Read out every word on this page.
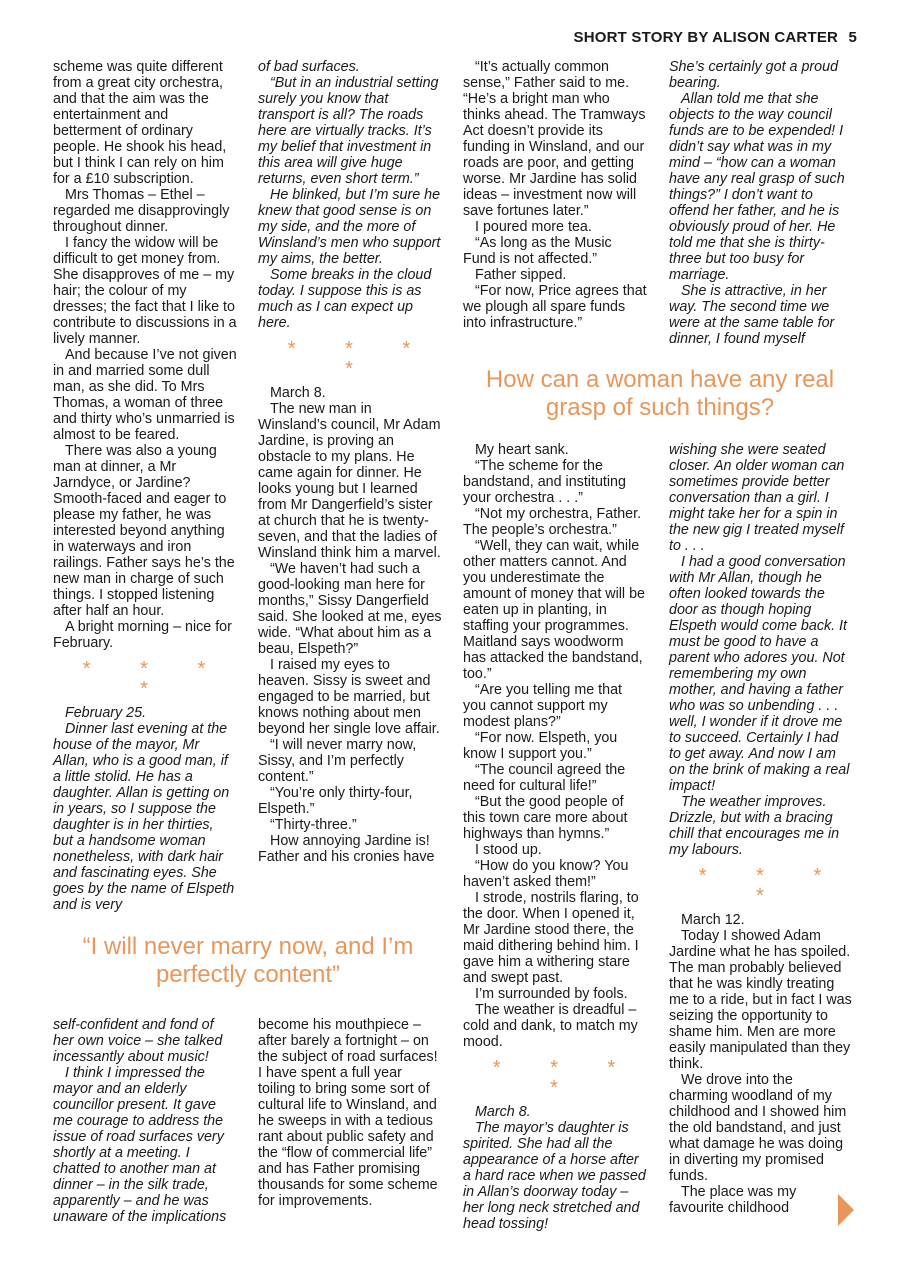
SHORT STORY BY ALISON CARTER 5

scheme was quite different from a great city orchestra, and that the aim was the entertainment and betterment of ordinary people. He shook his head, but I think I can rely on him for a £10 subscription.

Mrs Thomas – Ethel – regarded me disapprovingly throughout dinner.

I fancy the widow will be difficult to get money from. She disapproves of me – my hair; the colour of my dresses; the fact that I like to contribute to discussions in a lively manner.

And because I’ve not given in and married some dull man, as she did. To Mrs Thomas, a woman of three and thirty who’s unmarried is almost to be feared.

There was also a young man at dinner, a Mr Jarndyce, or Jardine? Smooth-faced and eager to please my father, he was interested beyond anything in waterways and iron railings. Father says he’s the new man in charge of such things. I stopped listening after half an hour.

A bright morning – nice for February.

* * * *

February 25.

Dinner last evening at the house of the mayor, Mr Allan, who is a good man, if a little stolid. He has a daughter. Allan is getting on in years, so I suppose the daughter is in her thirties, but a handsome woman nonetheless, with dark hair and fascinating eyes. She goes by the name of Elspeth and is very

of bad surfaces.

“But in an industrial setting surely you know that transport is all? The roads here are virtually tracks. It’s my belief that investment in this area will give huge returns, even short term.”

He blinked, but I’m sure he knew that good sense is on my side, and the more of Winsland’s men who support my aims, the better.

Some breaks in the cloud today. I suppose this is as much as I can expect up here.

* * * *

March 8.

The new man in Winsland’s council, Mr Adam Jardine, is proving an obstacle to my plans. He came again for dinner. He looks young but I learned from Mr Dangerfield’s sister at church that he is twenty-seven, and that the ladies of Winsland think him a marvel.

“We haven’t had such a good-looking man here for months,” Sissy Dangerfield said. She looked at me, eyes wide. “What about him as a beau, Elspeth?”

I raised my eyes to heaven. Sissy is sweet and engaged to be married, but knows nothing about men beyond her single love affair.

“I will never marry now, Sissy, and I’m perfectly content.”

“You’re only thirty-four, Elspeth.”

“Thirty-three.”

How annoying Jardine is! Father and his cronies have

“It’s actually common sense,” Father said to me. “He’s a bright man who thinks ahead. The Tramways Act doesn’t provide its funding in Winsland, and our roads are poor, and getting worse. Mr Jardine has solid ideas – investment now will save fortunes later.”

I poured more tea.

“As long as the Music Fund is not affected.”

Father sipped.

“For now, Price agrees that we plough all spare funds into infrastructure.”

She’s certainly got a proud bearing.

Allan told me that she objects to the way council funds are to be expended! I didn’t say what was in my mind – “how can a woman have any real grasp of such things?” I don’t want to offend her father, and he is obviously proud of her. He told me that she is thirty-three but too busy for marriage.

She is attractive, in her way. The second time we were at the same table for dinner, I found myself

How can a woman have any real grasp of such things?

My heart sank.

“The scheme for the bandstand, and instituting your orchestra . . .”

“Not my orchestra, Father. The people’s orchestra.”

“Well, they can wait, while other matters cannot. And you underestimate the amount of money that will be eaten up in planting, in staffing your programmes. Maitland says woodworm has attacked the bandstand, too.”

“Are you telling me that you cannot support my modest plans?”

“For now. Elspeth, you know I support you.”

“The council agreed the need for cultural life!”

“But the good people of this town care more about highways than hymns.”

I stood up.

“How do you know? You haven’t asked them!”

I strode, nostrils flaring, to the door. When I opened it, Mr Jardine stood there, the maid dithering behind him. I gave him a withering stare and swept past.

I’m surrounded by fools.

The weather is dreadful – cold and dank, to match my mood.

* * * *

March 8.

The mayor’s daughter is spirited. She had all the appearance of a horse after a hard race when we passed in Allan’s doorway today – her long neck stretched and head tossing!

wishing she were seated closer. An older woman can sometimes provide better conversation than a girl. I might take her for a spin in the new gig I treated myself to . . .

I had a good conversation with Mr Allan, though he often looked towards the door as though hoping Elspeth would come back. It must be good to have a parent who adores you. Not remembering my own mother, and having a father who was so unbending . . . well, I wonder if it drove me to succeed. Certainly I had to get away. And now I am on the brink of making a real impact!

The weather improves. Drizzle, but with a bracing chill that encourages me in my labours.

* * * *

March 12.

Today I showed Adam Jardine what he has spoiled. The man probably believed that he was kindly treating me to a ride, but in fact I was seizing the opportunity to shame him. Men are more easily manipulated than they think.

We drove into the charming woodland of my childhood and I showed him the old bandstand, and just what damage he was doing in diverting my promised funds.

The place was my favourite childhood

“I will never marry now, and I’m perfectly content”

self-confident and fond of her own voice – she talked incessantly about music!

I think I impressed the mayor and an elderly councillor present. It gave me courage to address the issue of road surfaces very shortly at a meeting. I chatted to another man at dinner – in the silk trade, apparently – and he was unaware of the implications

become his mouthpiece – after barely a fortnight – on the subject of road surfaces! I have spent a full year toiling to bring some sort of cultural life to Winsland, and he sweeps in with a tedious rant about public safety and the “flow of commercial life” and has Father promising thousands for some scheme for improvements.
